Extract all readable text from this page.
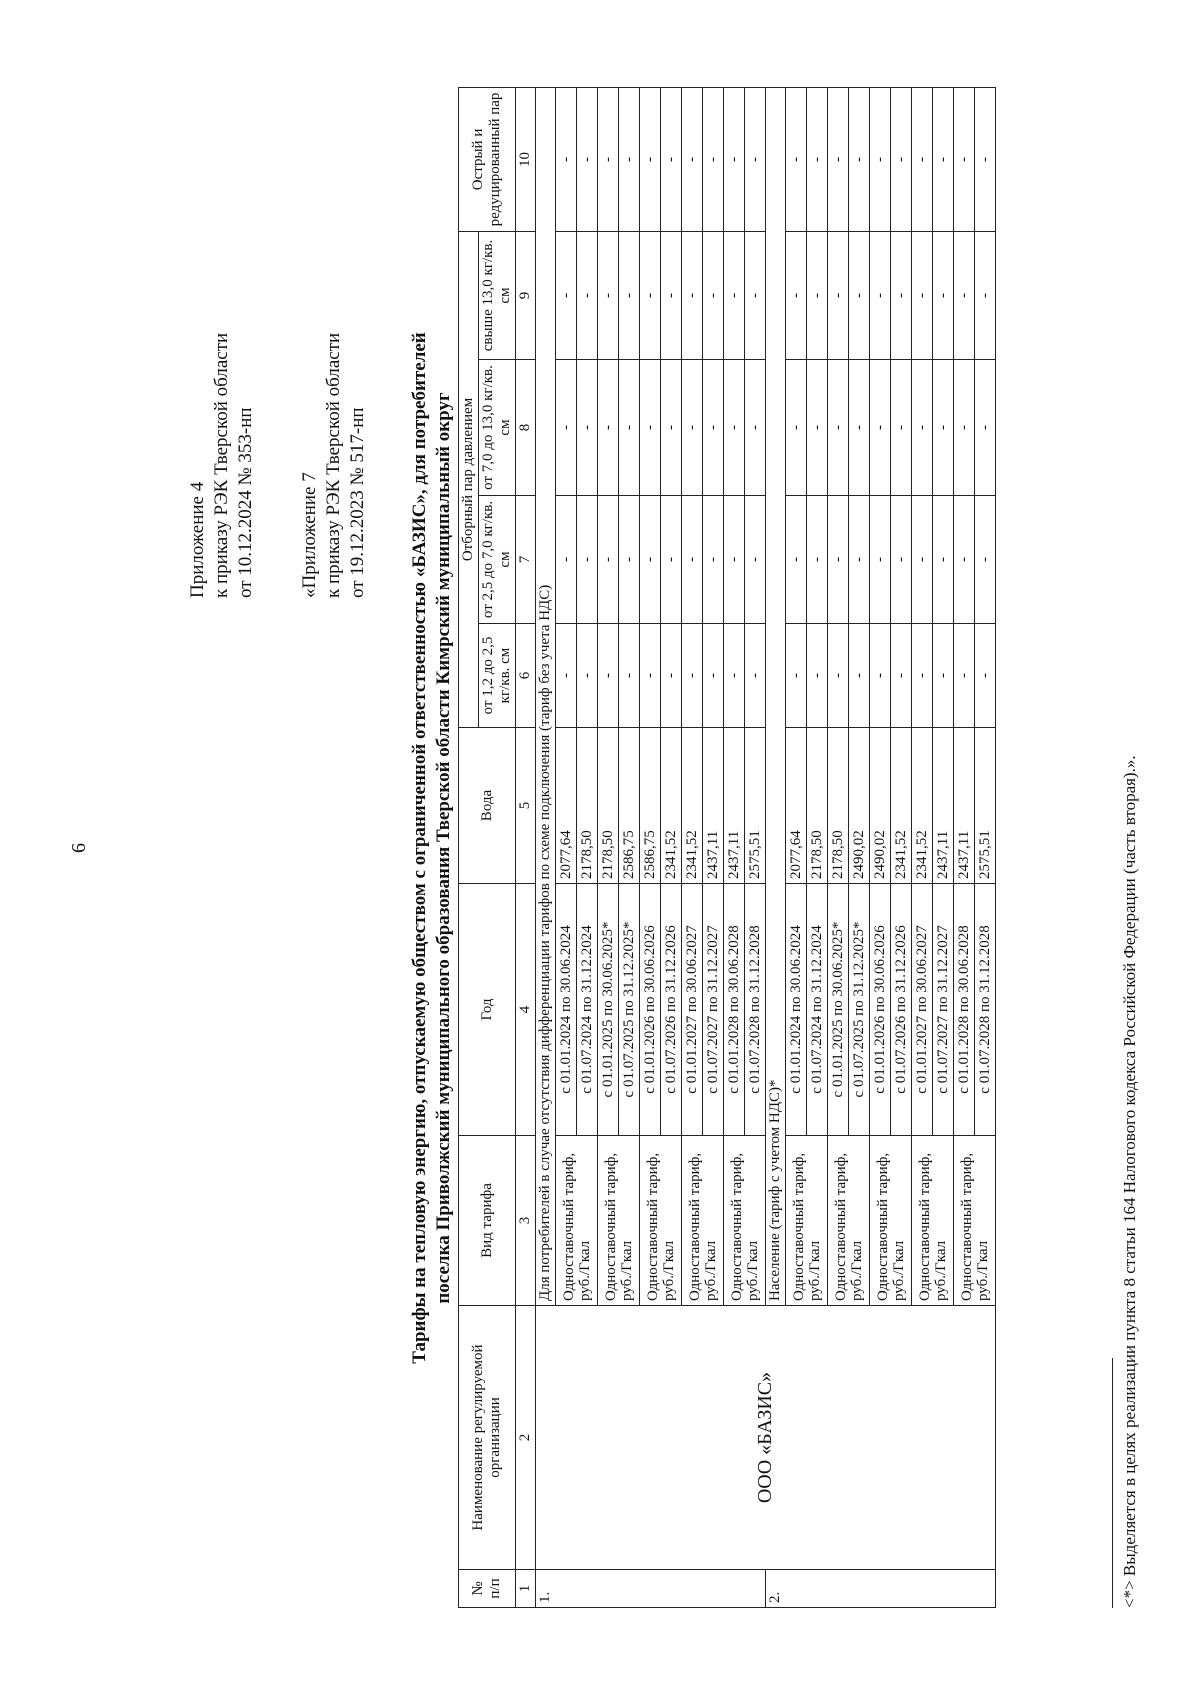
6
Приложение 4 к приказу РЭК Тверской области от 10.12.2024 № 353-нп «Приложение 7 к приказу РЭК Тверской области от 19.12.2023 № 517-нп Тарифы на тепловую энергию, отпускаемую обществом с ограниченной ответственностью «БАЗИС», для потребителей поселка Приволжский муниципального образования Тверской области Кимрский муниципальный округ
№ п/п	Наименование регулируемой организации	Вид тарифа	Год	Вода	Отборный пар давлением				Острый и редуцированный пар
					от 1,2 до 2,5 кг/кв. см	от 2,5 до 7,0 кг/кв. см	от 7,0 до 13,0 кг/кв. см	свыше 13,0 кг/кв. см	
1	2	3	4	5	6	7	8	9	10
1.	ООО «БАЗИС»	Для потребителей в случае отсутствия дифференциации тарифов по схеме подключения (тариф без учета НДС)							
		Одноставочный тариф, руб./Гкал	с 01.01.2024 по 30.06.2024	2077,64	-	-	-	-	-
			с 01.07.2024 по 31.12.2024	2178,50	-	-	-	-	-
		Одноставочный тариф, руб./Гкал	с 01.01.2025 по 30.06.2025*	2178,50	-	-	-	-	-
			с 01.07.2025 по 31.12.2025*	2586,75	-	-	-	-	-
		Одноставочный тариф, руб./Гкал	с 01.01.2026 по 30.06.2026	2586,75	-	-	-	-	-
			с 01.07.2026 по 31.12.2026	2341,52	-	-	-	-	-
		Одноставочный тариф, руб./Гкал	с 01.01.2027 по 30.06.2027	2341,52	-	-	-	-	-
			с 01.07.2027 по 31.12.2027	2437,11	-	-	-	-	-
		Одноставочный тариф, руб./Гкал	с 01.01.2028 по 30.06.2028	2437,11	-	-	-	-	-
			с 01.07.2028 по 31.12.2028	2575,51	-	-	-	-	-
2.		Население (тариф с учетом НДС)*							
		Одноставочный тариф, руб./Гкал	с 01.01.2024 по 30.06.2024	2077,64	-	-	-	-	-
			с 01.07.2024 по 31.12.2024	2178,50	-	-	-	-	-
		Одноставочный тариф, руб./Гкал	с 01.01.2025 по 30.06.2025*	2178,50	-	-	-	-	-
			с 01.07.2025 по 31.12.2025*	2490,02	-	-	-	-	-
		Одноставочный тариф, руб./Гкал	с 01.01.2026 по 30.06.2026	2490,02	-	-	-	-	-
			с 01.07.2026 по 31.12.2026	2341,52	-	-	-	-	-
		Одноставочный тариф, руб./Гкал	с 01.01.2027 по 30.06.2027	2341,52	-	-	-	-	-
			с 01.07.2027 по 31.12.2027	2437,11	-	-	-	-	-
		Одноставочный тариф, руб./Гкал	с 01.01.2028 по 30.06.2028	2437,11	-	-	-	-	-
			с 01.07.2028 по 31.12.2028	2575,51	-	-	-	-	-
<*> Выделяется в целях реализации пункта 8 статьи 164 Налогового кодекса Российской Федерации (часть вторая).».
